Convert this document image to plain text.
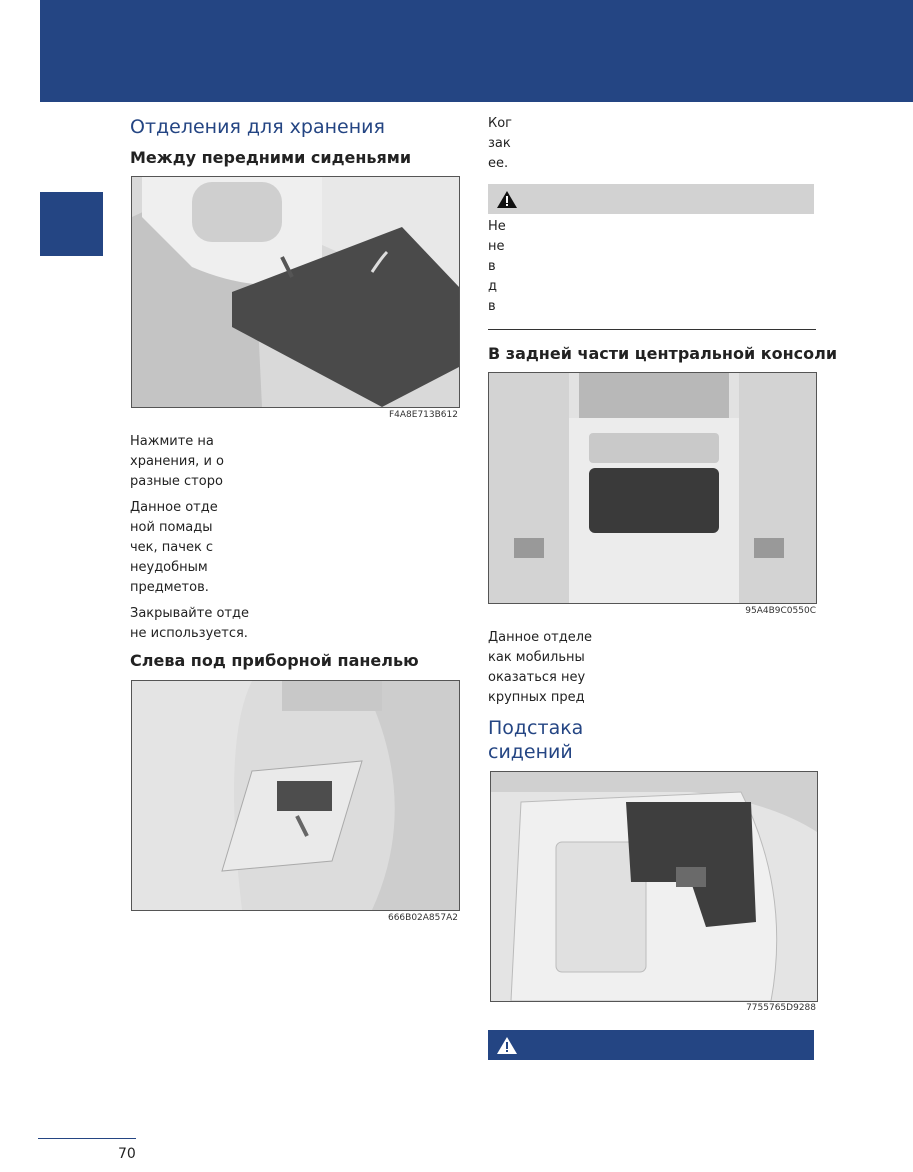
Отделения для хранения
Между передними сиденьями
F4A8E713B612
Нажмите на
хранения, и о
разные сторо
Данное отде
ной помады
чек, пачек с
неудобным
предметов.
Закрывайте отде
не используется.
Слева под приборной панелью
666B02A857A2
Ког
зак
ее.
Не
не
в
д
в
В задней части центральной консоли
95A4B9C0550C
Данное отделе
как мобильны
оказаться неу
крупных пред
Подстака
сидений
7755765D9288
70
